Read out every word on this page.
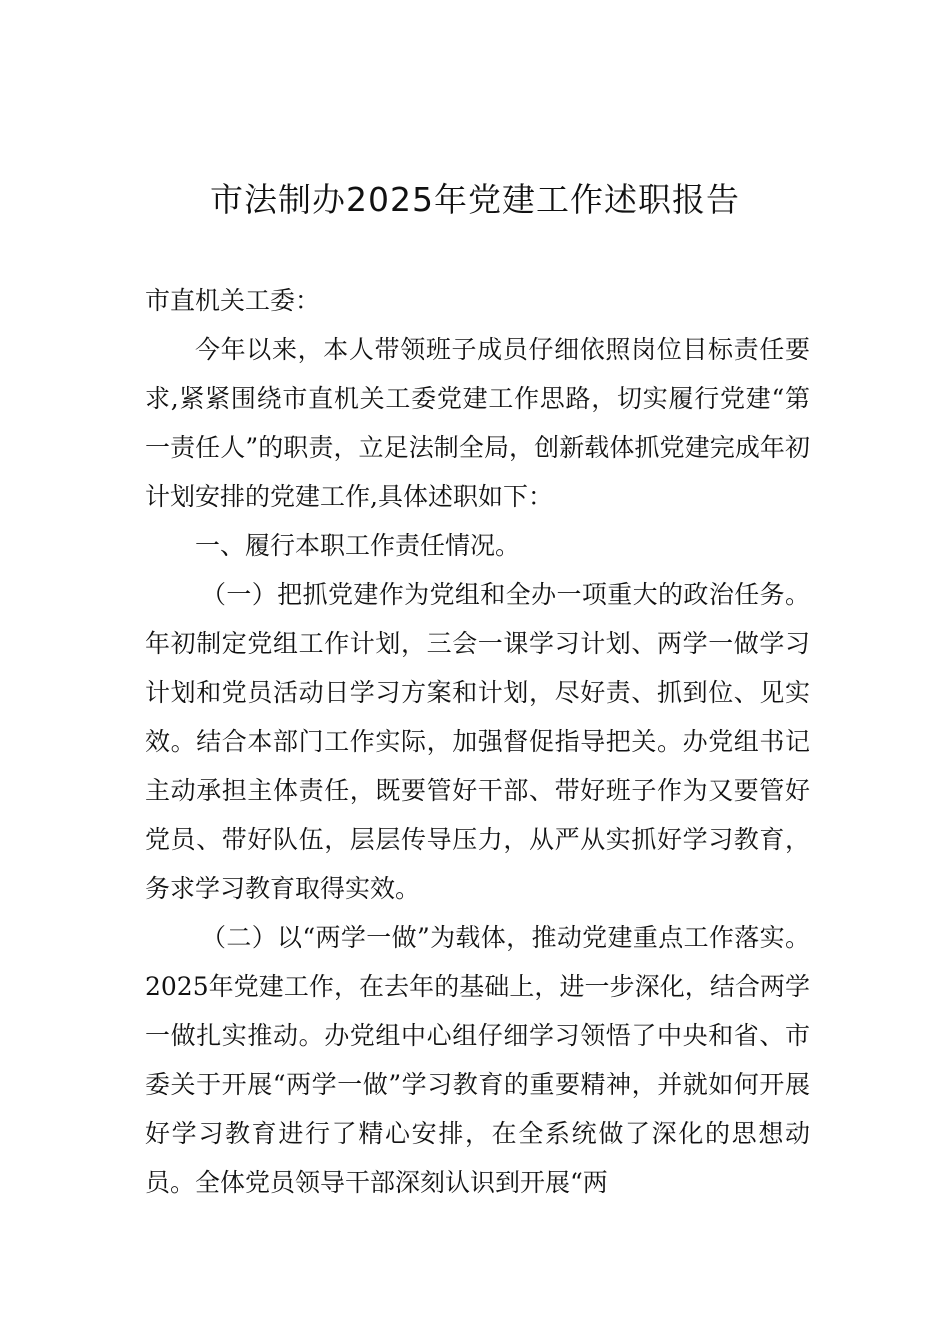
市法制办2025年党建工作述职报告

市直机关工委：

今年以来，本人带领班子成员仔细依照岗位目标责任要求,紧紧围绕市直机关工委党建工作思路，切实履行党建“第一责任人”的职责，立足法制全局，创新载体抓党建完成年初计划安排的党建工作,具体述职如下：

一、履行本职工作责任情况。

（一）把抓党建作为党组和全办一项重大的政治任务。年初制定党组工作计划，三会一课学习计划、两学一做学习计划和党员活动日学习方案和计划，尽好责、抓到位、见实效。结合本部门工作实际，加强督促指导把关。办党组书记主动承担主体责任，既要管好干部、带好班子作为又要管好党员、带好队伍，层层传导压力，从严从实抓好学习教育，务求学习教育取得实效。

（二）以“两学一做”为载体，推动党建重点工作落实。2025年党建工作，在去年的基础上，进一步深化，结合两学一做扎实推动。办党组中心组仔细学习领悟了中央和省、市委关于开展“两学一做”学习教育的重要精神，并就如何开展好学习教育进行了精心安排，在全系统做了深化的思想动员。全体党员领导干部深刻认识到开展“两
